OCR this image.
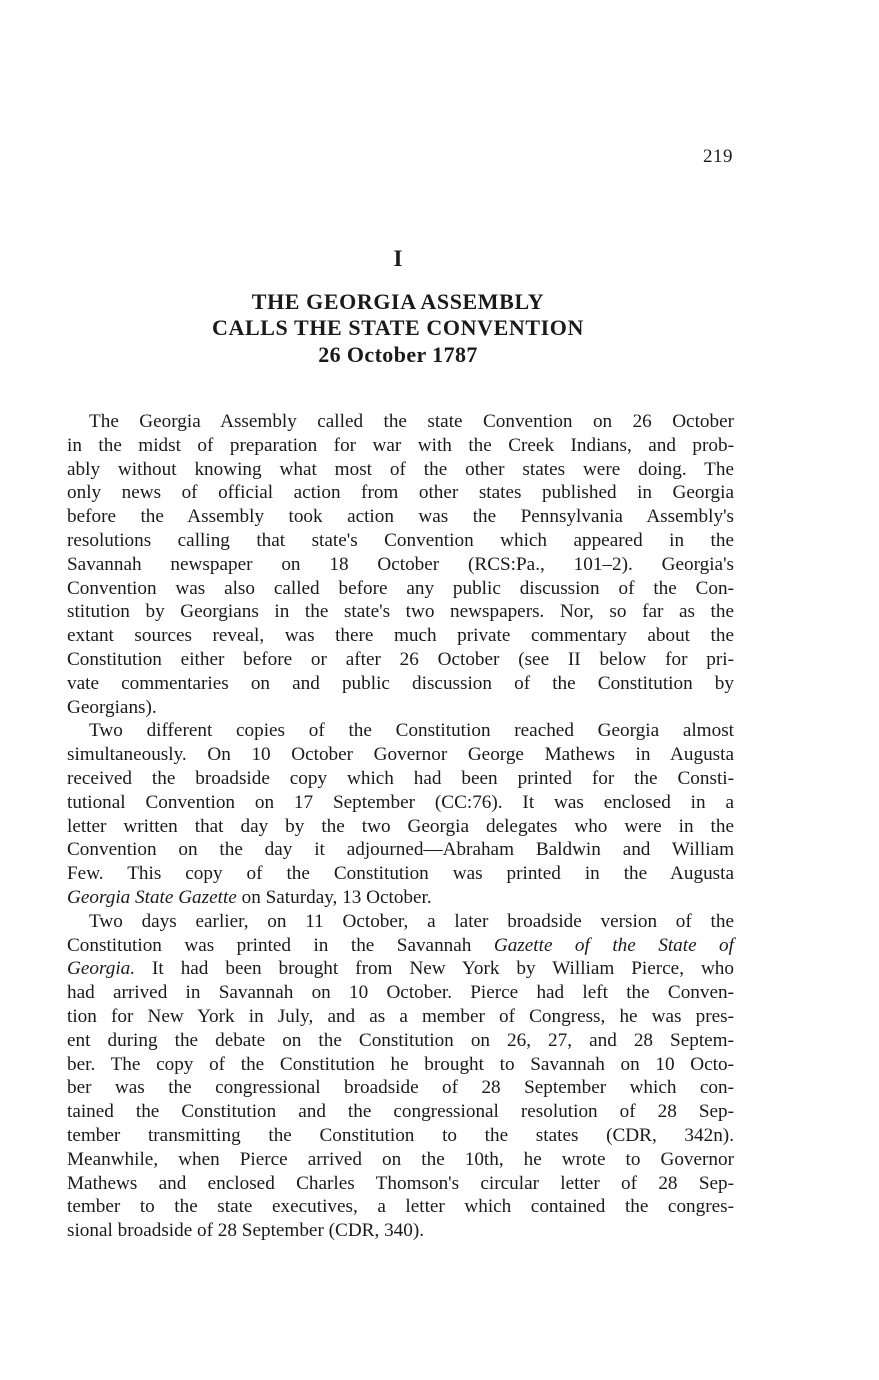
219
I
THE GEORGIA ASSEMBLY
CALLS THE STATE CONVENTION
26 October 1787
The Georgia Assembly called the state Convention on 26 October
in the midst of preparation for war with the Creek Indians, and prob-
ably without knowing what most of the other states were doing. The
only news of official action from other states published in Georgia
before the Assembly took action was the Pennsylvania Assembly's
resolutions calling that state's Convention which appeared in the
Savannah newspaper on 18 October (RCS:Pa., 101–2). Georgia's
Convention was also called before any public discussion of the Con-
stitution by Georgians in the state's two newspapers. Nor, so far as the
extant sources reveal, was there much private commentary about the
Constitution either before or after 26 October (see II below for pri-
vate commentaries on and public discussion of the Constitution by
Georgians).
Two different copies of the Constitution reached Georgia almost
simultaneously. On 10 October Governor George Mathews in Augusta
received the broadside copy which had been printed for the Consti-
tutional Convention on 17 September (CC:76). It was enclosed in a
letter written that day by the two Georgia delegates who were in the
Convention on the day it adjourned—Abraham Baldwin and William
Few. This copy of the Constitution was printed in the Augusta
Georgia State Gazette on Saturday, 13 October.
Two days earlier, on 11 October, a later broadside version of the
Constitution was printed in the Savannah Gazette of the State of
Georgia. It had been brought from New York by William Pierce, who
had arrived in Savannah on 10 October. Pierce had left the Conven-
tion for New York in July, and as a member of Congress, he was pres-
ent during the debate on the Constitution on 26, 27, and 28 Septem-
ber. The copy of the Constitution he brought to Savannah on 10 Octo-
ber was the congressional broadside of 28 September which con-
tained the Constitution and the congressional resolution of 28 Sep-
tember transmitting the Constitution to the states (CDR, 342n).
Meanwhile, when Pierce arrived on the 10th, he wrote to Governor
Mathews and enclosed Charles Thomson's circular letter of 28 Sep-
tember to the state executives, a letter which contained the congres-
sional broadside of 28 September (CDR, 340).
